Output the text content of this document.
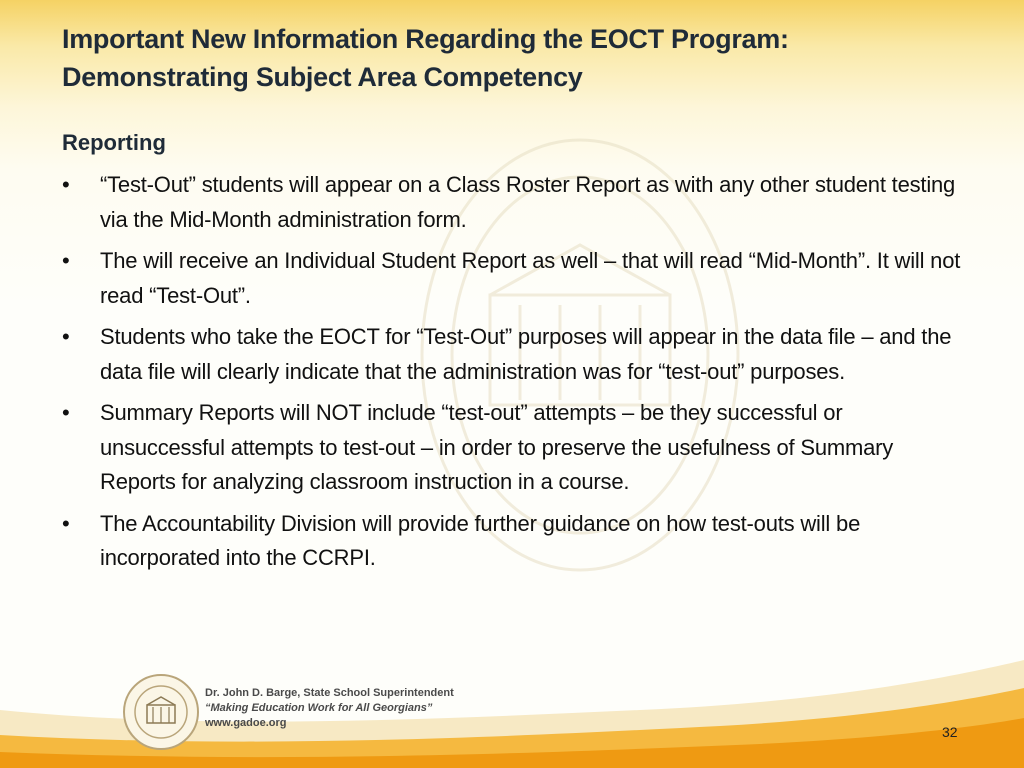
Important New Information Regarding the EOCT Program:
Demonstrating Subject Area Competency
Reporting
•	“Test-Out” students will appear on a Class Roster Report as with any other student testing via the Mid-Month administration form.
•	The will receive an Individual Student Report as well – that will read “Mid-Month”. It will not read “Test-Out”.
•	Students who take the EOCT for “Test-Out” purposes will appear in the data file – and the data file will clearly indicate that the administration was for “test-out” purposes.
•	Summary Reports will NOT include “test-out” attempts – be they successful or unsuccessful attempts to test-out – in order to preserve the usefulness of Summary Reports for analyzing classroom instruction in a course.
•	The Accountability Division will provide further guidance on how test-outs will be incorporated into the CCRPI.
Dr. John D. Barge, State School Superintendent
“Making Education Work for All Georgians”
www.gadoe.org
32
